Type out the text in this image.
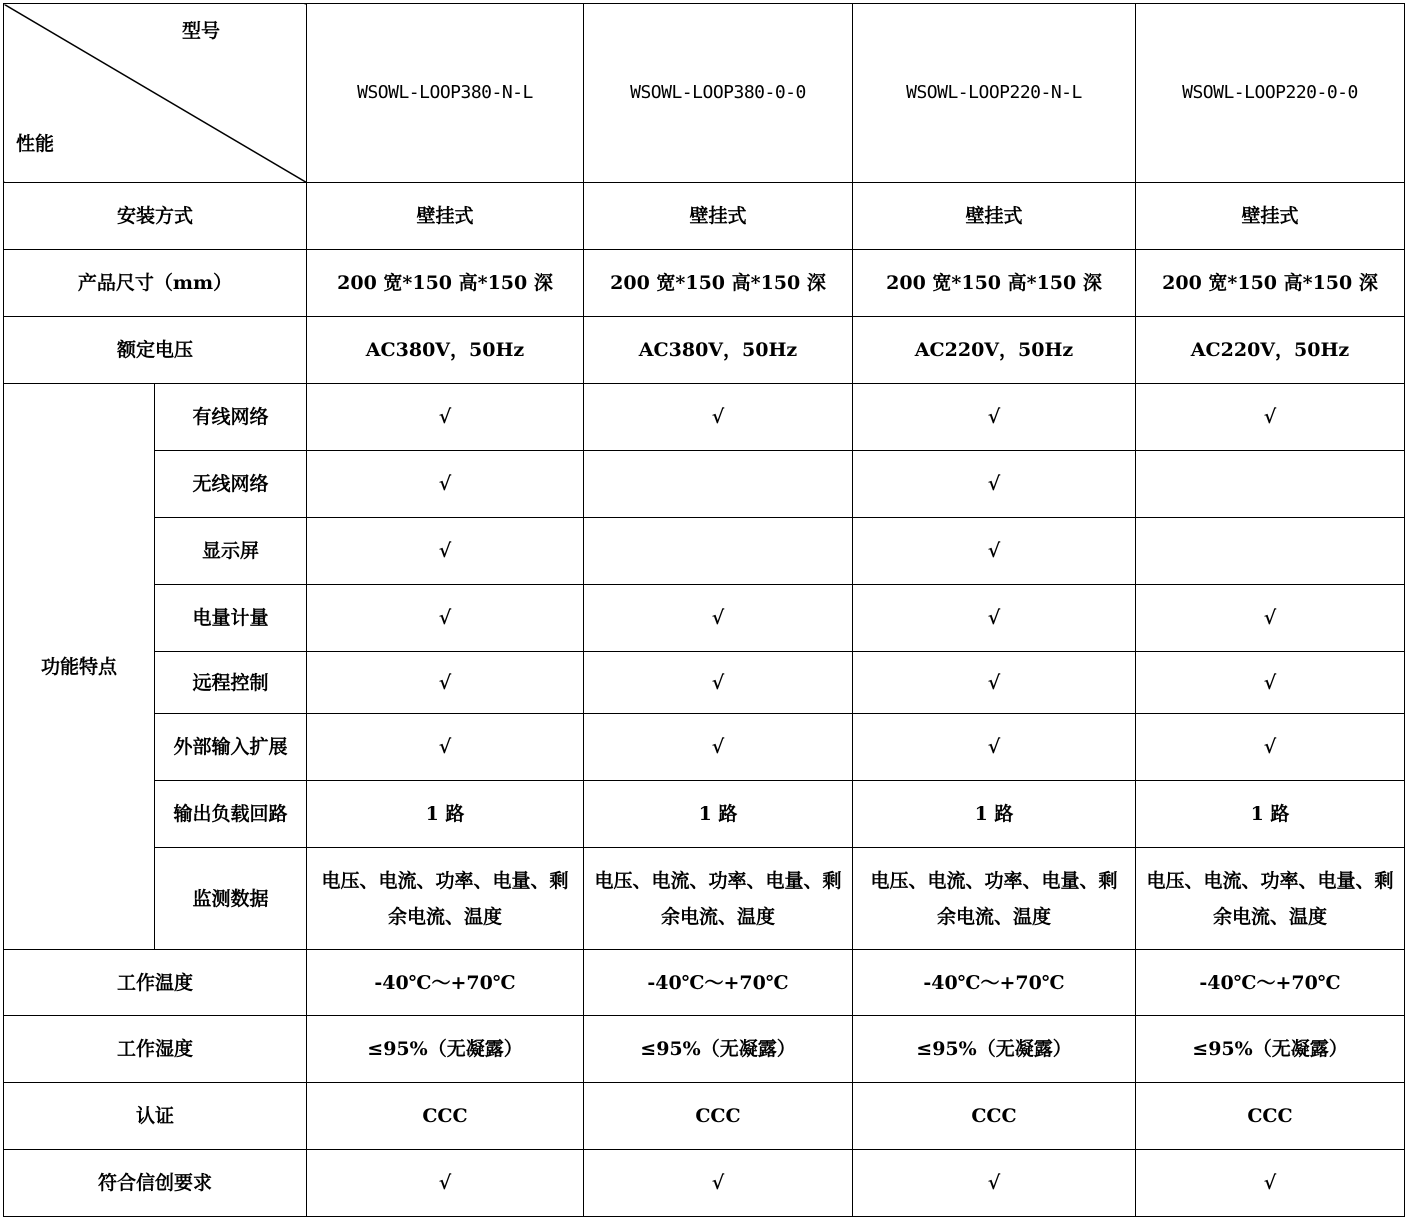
型号
性能		WSOWL-LOOP380-N-L	WSOWL-LOOP380-0-0	WSOWL-LOOP220-N-L	WSOWL-LOOP220-0-0
安装方式		壁挂式	壁挂式	壁挂式	壁挂式
产品尺寸（mm）		200 宽*150 高*150 深	200 宽*150 高*150 深	200 宽*150 高*150 深	200 宽*150 高*150 深
额定电压		AC380V，50Hz	AC380V，50Hz	AC220V，50Hz	AC220V，50Hz
功能特点	有线网络	√	√	√	√
	无线网络	√		√	
	显示屏	√		√	
	电量计量	√	√	√	√
	远程控制	√	√	√	√
	外部输入扩展	√	√	√	√
	输出负载回路	1 路	1 路	1 路	1 路
	监测数据	电压、电流、功率、电量、剩余电流、温度	电压、电流、功率、电量、剩余电流、温度	电压、电流、功率、电量、剩余电流、温度	电压、电流、功率、电量、剩余电流、温度
工作温度		-40℃～+70℃	-40℃～+70℃	-40℃～+70℃	-40℃～+70℃
工作湿度		≤95%（无凝露）	≤95%（无凝露）	≤95%（无凝露）	≤95%（无凝露）
认证		CCC	CCC	CCC	CCC
符合信创要求		√	√	√	√
